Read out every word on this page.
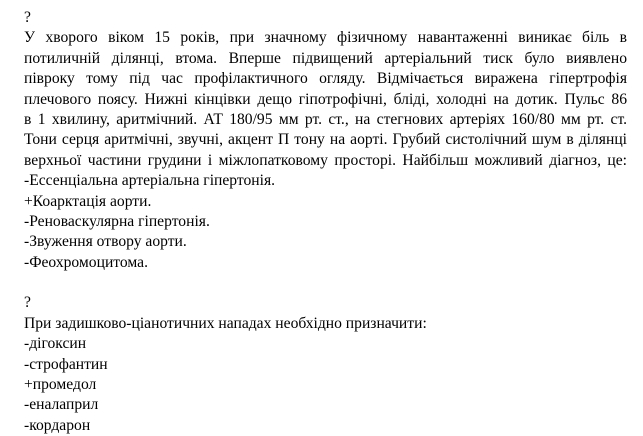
?
У хворого віком 15 років, при значному фізичному навантаженні виникає біль в
потиличній ділянці, втома. Вперше підвищений артеріальний тиск було виявлено
півроку тому під час профілактичного огляду. Відмічається виражена гіпертрофія
плечового поясу. Нижні кінцівки дещо гіпотрофічні, бліді, холодні на дотик. Пульс 86
в 1 хвилину, аритмічний. АТ 180/95 мм рт. ст., на стегнових артеріях 160/80 мм рт. ст.
Тони серця аритмічні, звучні, акцент П тону на аорті. Грубий систолічний шум в ділянці
верхньої частини грудини і міжлопатковому просторі. Найбільш можливий діагноз, це:
-Ессенціальна артеріальна гіпертонія.
+Коарктація аорти.
-Реноваскулярна гіпертонія.
-Звуження отвору аорти.
-Феохромоцитома.
?
При задишково-ціанотичних нападах необхідно призначити:
-дігоксин
-строфантин
+промедол
-еналаприл
-кордарон
